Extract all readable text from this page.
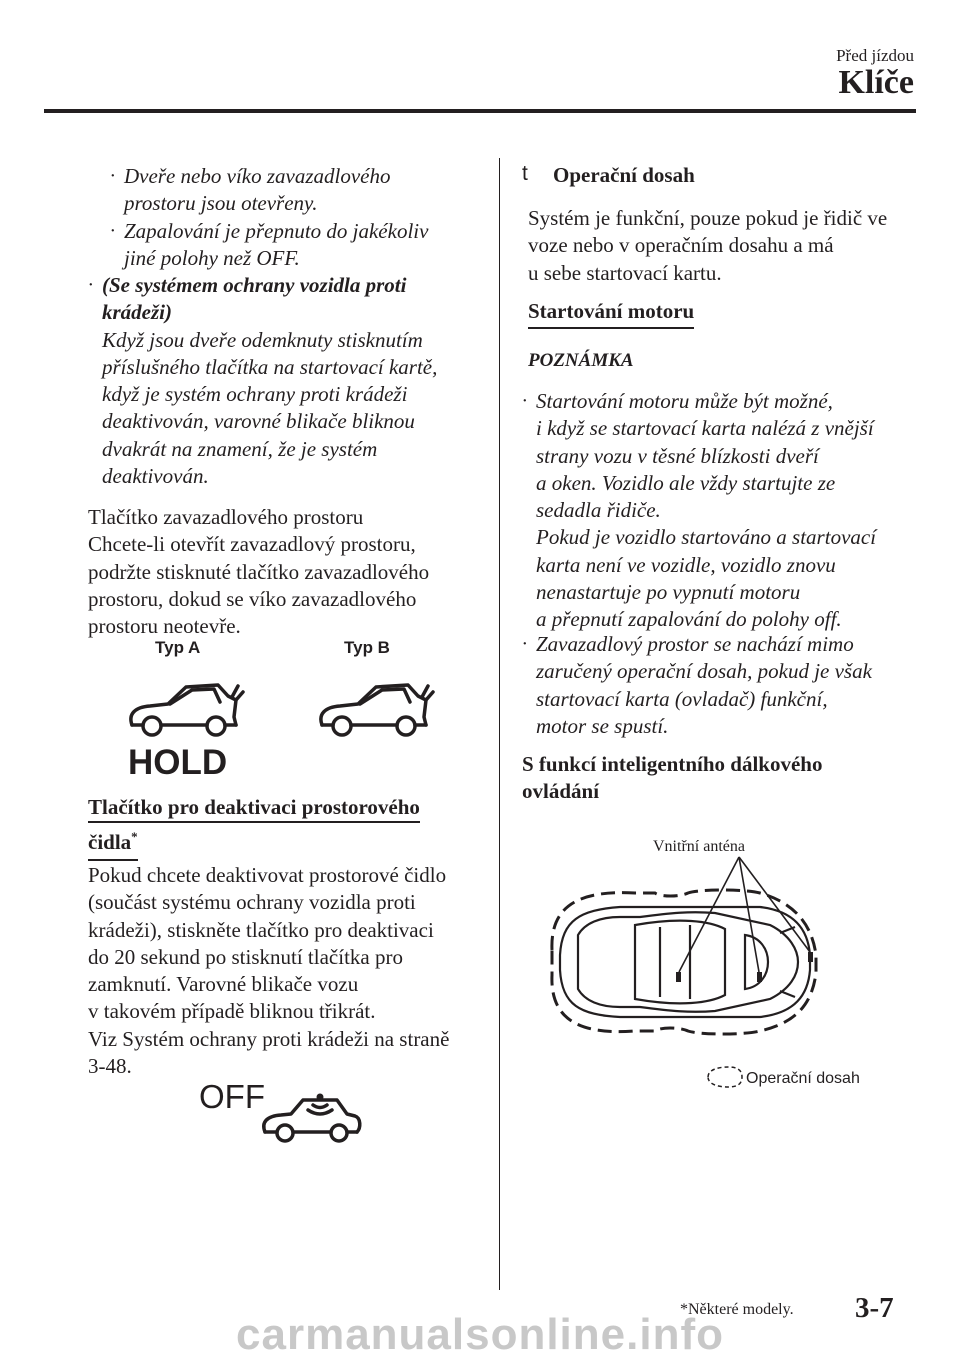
Před jízdou
Klíče
· Dveře nebo víko zavazadlového
prostoru jsou otevřeny.
· Zapalování je přepnuto do jakékoliv
jiné polohy než OFF.
· (Se systémem ochrany vozidla proti
krádeži)
Když jsou dveře odemknuty stisknutím
příslušného tlačítka na startovací kartě,
když je systém ochrany proti krádeži
deaktivován, varovné blikače bliknou
dvakrát na znamení, že je systém
deaktivován.
Tlačítko zavazadlového prostoru
Chcete-li otevřít zavazadlový prostoru,
podržte stisknuté tlačítko zavazadlového
prostoru, dokud se víko zavazadlového
prostoru neotevře.
Typ A	Typ B
HOLD
Tlačítko pro deaktivaci prostorového
čidla*
Pokud chcete deaktivovat prostorové čidlo
(součást systému ochrany vozidla proti
krádeži), stiskněte tlačítko pro deaktivaci
do 20 sekund po stisknutí tlačítka pro
zamknutí. Varovné blikače vozu
v takovém případě bliknou třikrát.
Viz Systém ochrany proti krádeži na straně
3-48.
OFF
t Operační dosah
Systém je funkční, pouze pokud je řidič ve
voze nebo v operačním dosahu a má
u sebe startovací kartu.
Startování motoru
POZNÁMKA
· Startování motoru může být možné,
i když se startovací karta nalézá z vnější
strany vozu v těsné blízkosti dveří
a oken. Vozidlo ale vždy startujte ze
sedadla řidiče.
Pokud je vozidlo startováno a startovací
karta není ve vozidle, vozidlo znovu
nenastartuje po vypnutí motoru
a přepnutí zapalování do polohy off.
· Zavazadlový prostor se nachází mimo
zaručený operační dosah, pokud je však
startovací karta (ovladač) funkční,
motor se spustí.
S funkcí inteligentního dálkového
ovládání
Vnitřní anténa
Operační dosah
*Některé modely. 3-7
carmanualsonline.info
